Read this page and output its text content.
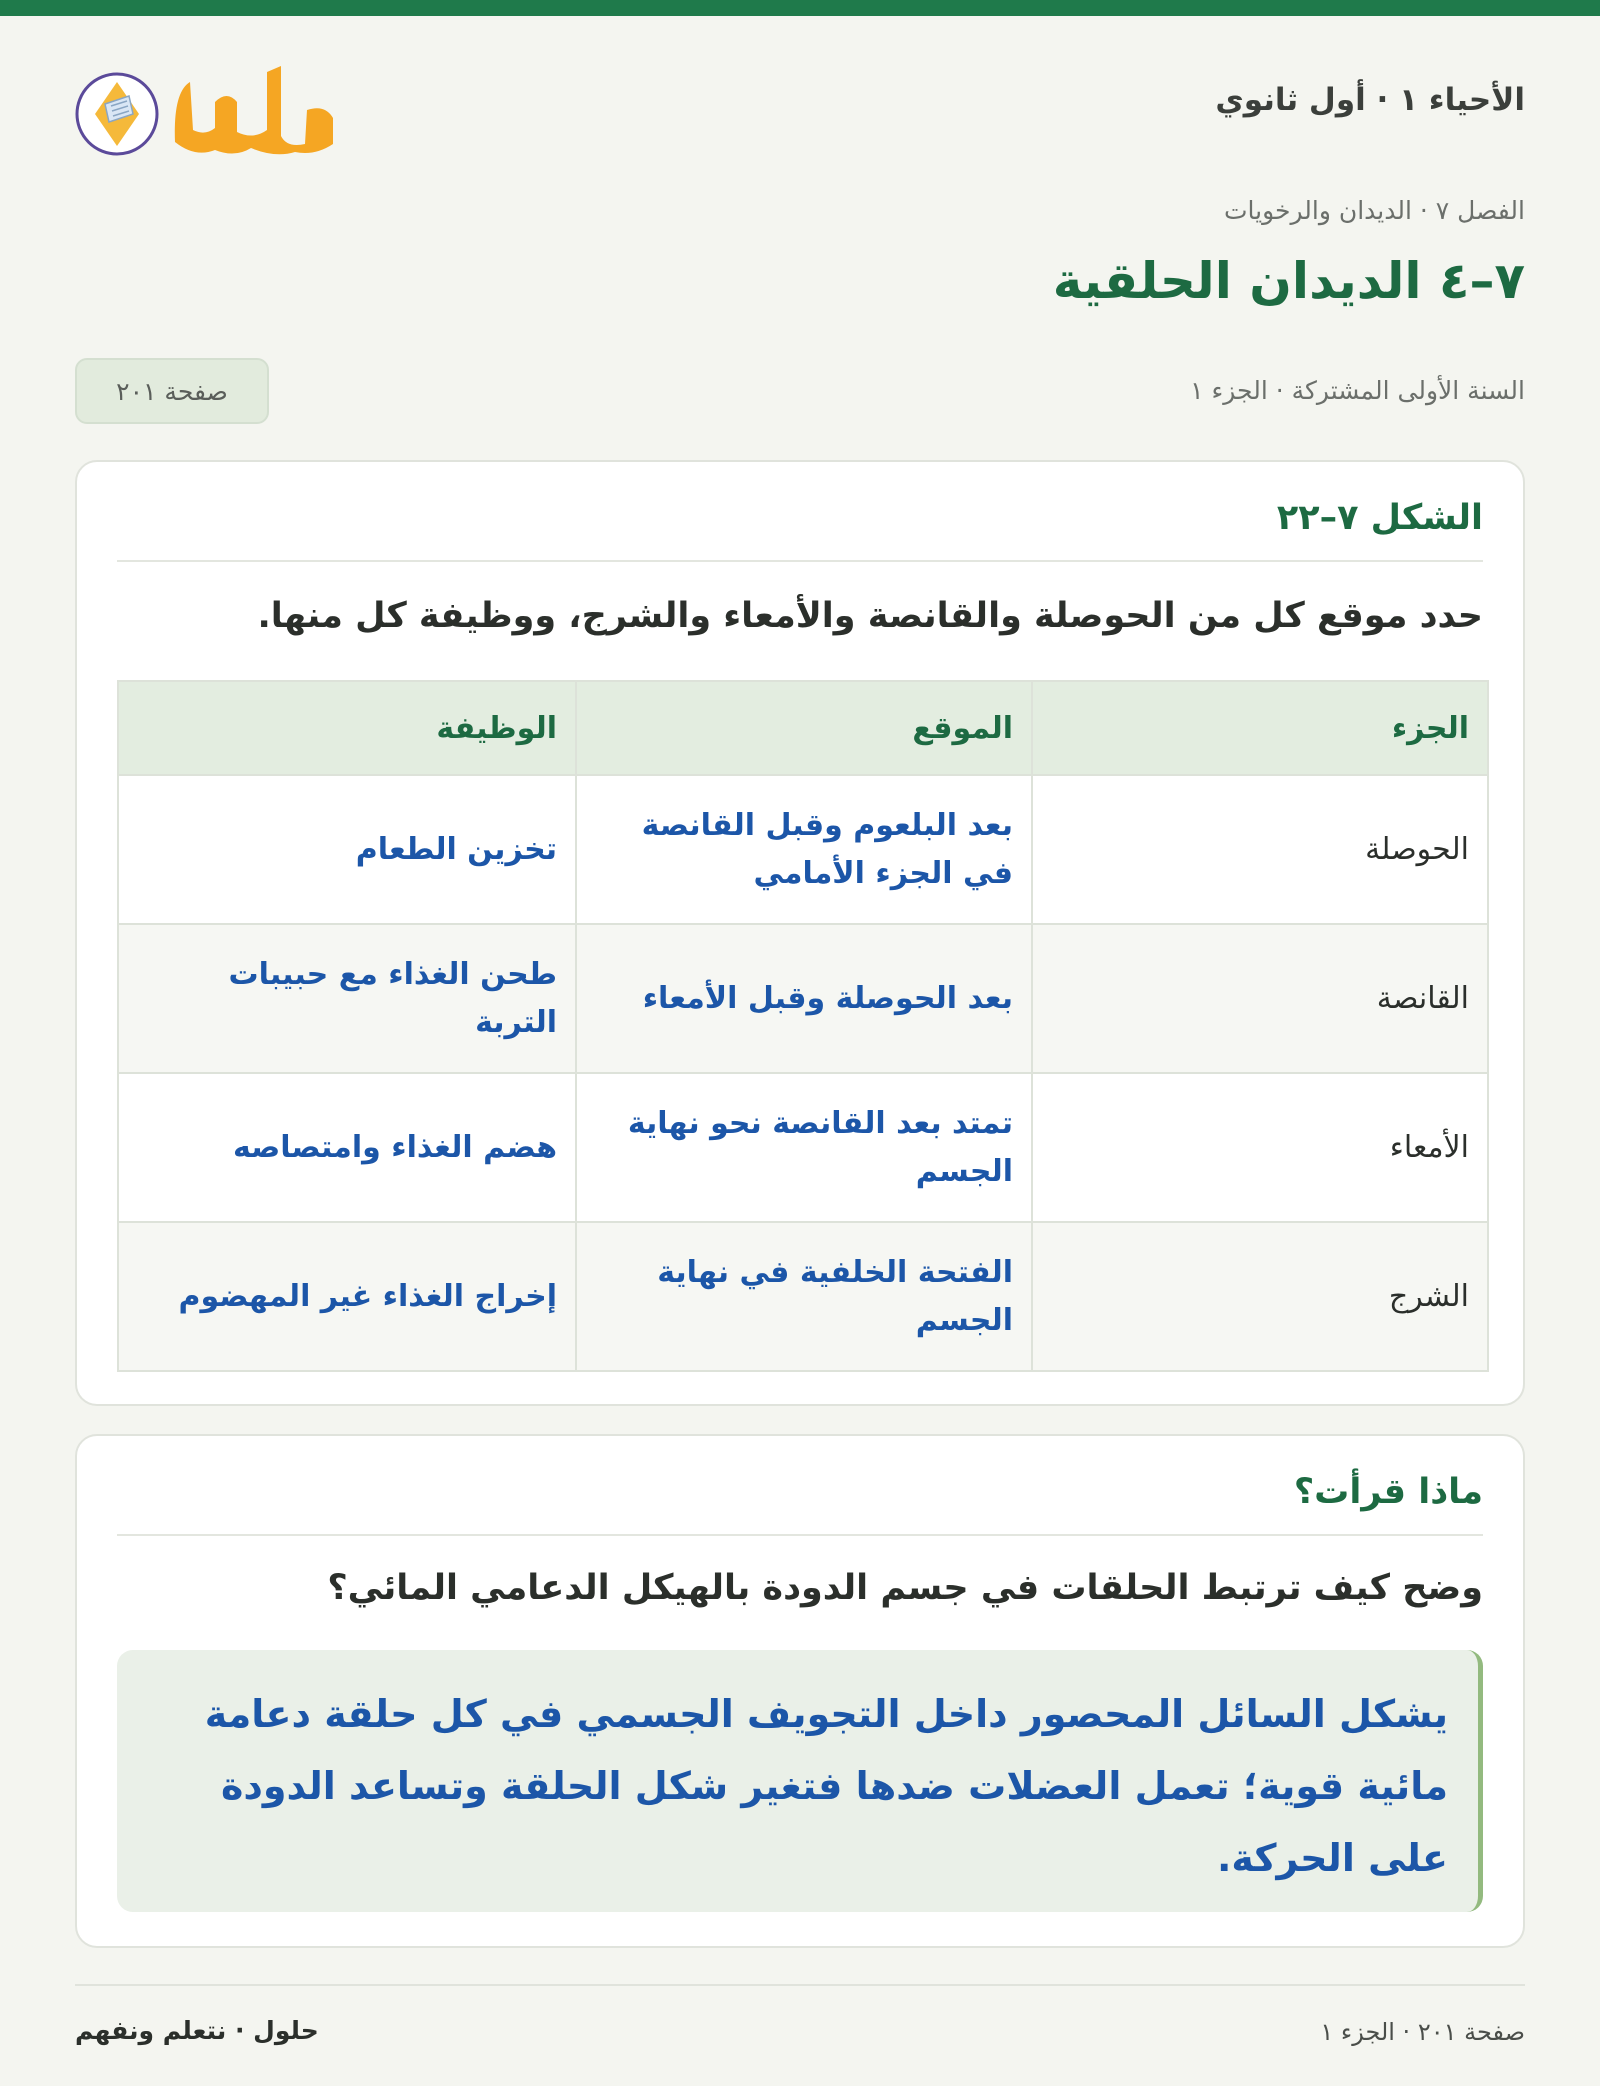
الأحياء ١ · أول ثانوي
الفصل ٧ · الديدان والرخويات
٧–٤ الديدان الحلقية
السنة الأولى المشتركة · الجزء ١
صفحة ٢٠١
الشكل ٧–٢٢

حدد موقع كل من الحوصلة والقانصة والأمعاء والشرج، ووظيفة كل منها.

الجزء	الموقع	الوظيفة
الحوصلة	بعد البلعوم وقبل القانصة في الجزء الأمامي	تخزين الطعام
القانصة	بعد الحوصلة وقبل الأمعاء	طحن الغذاء مع حبيبات التربة
الأمعاء	تمتد بعد القانصة نحو نهاية الجسم	هضم الغذاء وامتصاصه
الشرج	الفتحة الخلفية في نهاية الجسم	إخراج الغذاء غير المهضوم
ماذا قرأت؟

وضح كيف ترتبط الحلقات في جسم الدودة بالهيكل الدعامي المائي؟

يشكل السائل المحصور داخل التجويف الجسمي في كل حلقة دعامة مائية قوية؛ تعمل العضلات ضدها فتغير شكل الحلقة وتساعد الدودة على الحركة.
صفحة ٢٠١ · الجزء ١
حلول · نتعلم ونفهم
